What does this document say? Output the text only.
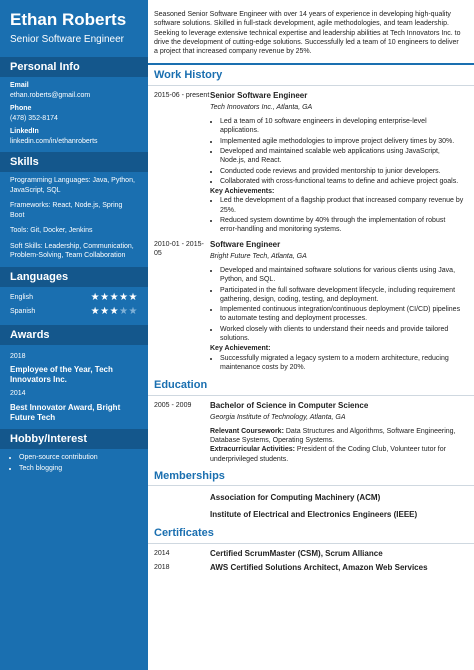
Ethan Roberts
Senior Software Engineer
Personal Info
Email
ethan.roberts@gmail.com
Phone
(478) 352-8174
LinkedIn
linkedin.com/in/ethanroberts
Skills
Programming Languages: Java, Python, JavaScript, SQL
Frameworks: React, Node.js, Spring Boot
Tools: Git, Docker, Jenkins
Soft Skills: Leadership, Communication, Problem-Solving, Team Collaboration
Languages
English	★★★★★
Spanish	★★★★★
Awards
2018
Employee of the Year, Tech Innovators Inc.
2014
Best Innovator Award, Bright Future Tech
Hobby/Interest
• Open-source contribution
• Tech blogging
Seasoned Senior Software Engineer with over 14 years of experience in developing high-quality software solutions. Skilled in full-stack development, agile methodologies, and team leadership. Seeking to leverage extensive technical expertise and leadership abilities at Tech Innovators Inc. to drive the development of cutting-edge solutions. Successfully led a team of 10 engineers to deliver a project that increased company revenue by 25%.
Work History
2015-06 - present Senior Software Engineer
Tech Innovators Inc., Atlanta, GA
• Led a team of 10 software engineers in developing enterprise-level applications.
• Implemented agile methodologies to improve project delivery times by 30%.
• Developed and maintained scalable web applications using JavaScript, Node.js, and React.
• Conducted code reviews and provided mentorship to junior developers.
• Collaborated with cross-functional teams to define and achieve project goals.
Key Achievements:
• Led the development of a flagship product that increased company revenue by 25%.
• Reduced system downtime by 40% through the implementation of robust error-handling and monitoring systems.
2010-01 - 2015-05
Software Engineer
Bright Future Tech, Atlanta, GA
• Developed and maintained software solutions for various clients using Java, Python, and SQL.
• Participated in the full software development lifecycle, including requirement gathering, design, coding, testing, and deployment.
• Implemented continuous integration/continuous deployment (CI/CD) pipelines to automate testing and deployment processes.
• Worked closely with clients to understand their needs and provide tailored solutions.
Key Achievement:
• Successfully migrated a legacy system to a modern architecture, reducing maintenance costs by 20%.
Education
2005 - 2009	Bachelor of Science in Computer Science
Georgia Institute of Technology, Atlanta, GA
Relevant Coursework: Data Structures and Algorithms, Software Engineering, Database Systems, Operating Systems.
Extracurricular Activities: President of the Coding Club, Volunteer tutor for underprivileged students.
Memberships
Association for Computing Machinery (ACM)
Institute of Electrical and Electronics Engineers (IEEE)
Certificates
2014	Certified ScrumMaster (CSM), Scrum Alliance
2018	AWS Certified Solutions Architect, Amazon Web Services
